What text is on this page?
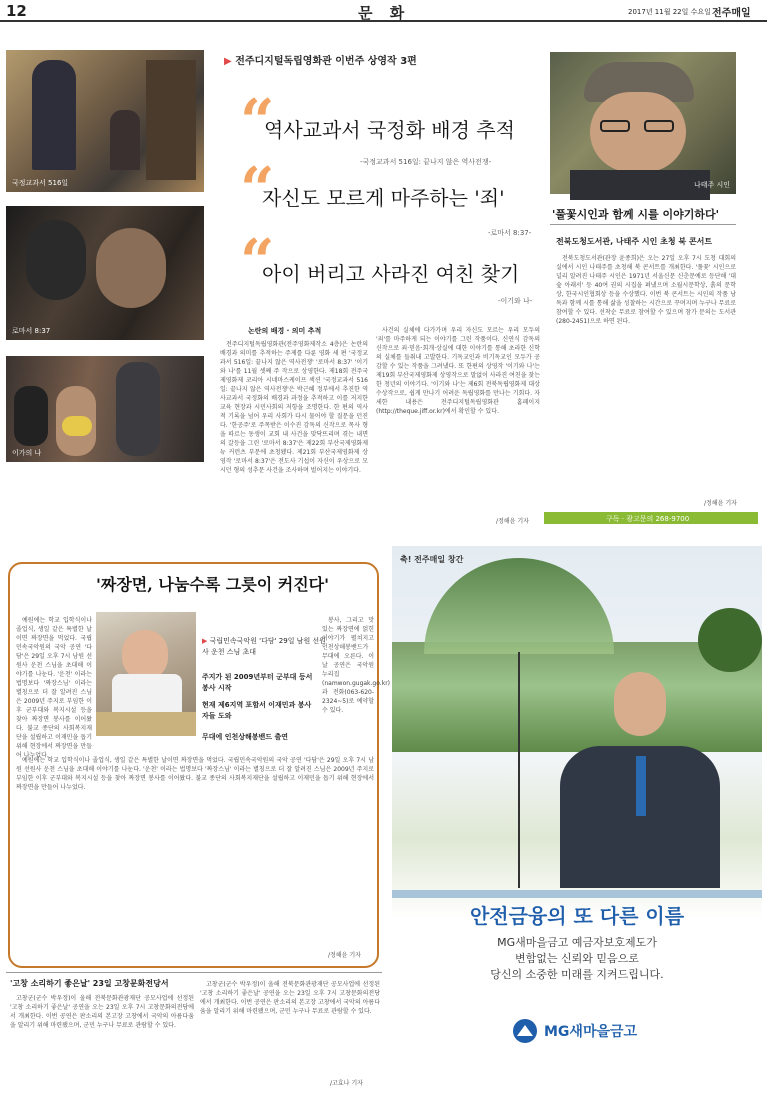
12	문 화	2017년 11월 22일 수요일 전주매일
국정교과서 516일
로마서 8:37
이가의 나
▶ 전주디지털독립영화관 이번주 상영작 3편
“
역사교과서 국정화 배경 추적
-국정교과서 516일: 끝나지 않은 역사전쟁-
“
자신도 모르게 마주하는 '죄'
-로마서 8:37-
“
아이 버리고 사라진 여친 찾기
-이기와 나-
논란의 배경 · 의미 추적

전주디지털독립영화관(전주영화제작소 4층)은 논란의 배경과 의미를 추적하는 주제를 다룬 영화 세 편 '국정교과서 516일: 끝나지 않은 역사전쟁' '로마서 8:37' '이기와 나'를 11월 셋째 주 작으로 상영한다. 제18회 전주국제영화제 코리아 시네마스케이프 섹션 '국정교과서 516일: 끝나지 않은 역사전쟁'은 박근혜 정부에서 추진한 역사교과서 국정화의 배경과 과정을 추적하고 이를 저지한 교육 현장과 시민사회의 저항을 조명한다. 한 편의 역사적 기록을 넘어 우리 사회가 다시 물어야 할 질문을 던진다. '한공주'로 주목받은 이수진 감독의 신작으로 목사 형을 따르는 동생이 교회 내 사건을 맞닥뜨리며 겪는 내면의 갈등을 그린 '로마서 8:37'은 제22회 부산국제영화제 뉴 커런츠 부문에 초청됐다. 제21회 부산국제영화제 상영작 '로마서 8:37'은 전도사 기섭이 자신이 우상으로 모시던 형의 성추문 사건을 조사하며 벌어지는 이야기다.

사건의 실체에 다가가며 우리 자신도 모르는 우리 모두의 '죄'를 마주하게 되는 이야기를 그린 작품이다. 신연식 감독의 신작으로 죄·믿음·회개·상실에 대한 이야기를 통해 초라한 신학의 실체를 들춰내 고발한다. 기독교인과 비기독교인 모두가 공감할 수 있는 작품을 그려냈다. 또 한편의 상영작 '이기와 나'는 제19회 부산국제영화제 상영작으로 말없이 사라진 여친을 찾는 한 청년의 이야기다. '이기와 나'는 제6회 전북독립영화제 대상 수상작으로, 쉽게 만나기 어려운 독립영화를 만나는 기회다. 자세한 내용은 전주디지털독립영화관 홈페이지(http://theque.jiff.or.kr)에서 확인할 수 있다.

/정해윤 기자
나태주 시인
'풀꽃시인과 함께 시를 이야기하다'
전북도청도서관, 나태주 시인 초청 북 콘서트

전북도청도서관(관장 윤종희)은 오는 27일 오후 7시 도청 대회의실에서 시인 나태주를 초청해 북 콘서트를 개최한다. '풀꽃' 시인으로 널리 알려진 나태주 시인은 1971년 서울신문 신춘문예로 등단해 '대숲 아래서' 등 40여 권의 시집을 펴냈으며 소월시문학상, 흙의 문학상, 한국시인협회상 등을 수상했다. 이번 북 콘서트는 시인의 작품 낭독과 함께 시를 통해 삶을 성찰하는 시간으로 꾸며지며 누구나 무료로 참여할 수 있다. 선착순 무료로 참여할 수 있으며 참가 문의는 도서관(280-2451)으로 하면 된다.

/정해윤 기자
구독 · 광고문의 268-9700
'짜장면, 나눔수록 그릇이 커진다'

예원에는 학교 입학식이나 졸업식, 생일 같은 특별한 날이면 짜장면을 먹었다. 국립민속국악원의 국악 공연 '다담'은 29일 오후 7시 남원 선원사 운천 스님을 초대해 이야기를 나눈다. '운천' 이라는 법명보다 '짜장스님' 이라는 별칭으로 더 잘 알려진 스님은 2009년 주지로 부임한 이후 군부대와 복지시설 등을 찾아 짜장면 봉사를 이어왔다. 불교 종단의 사회복지재단을 설립하고 이재민을 돕기 위해 현장에서 짜장면을 만들어 나누었다.

▶ 국립민속국악원 '다담' 29일 남원 선원사 운천 스님 초대
주지가 된 2009년부터 군부대 등서 봉사 시작
현재 제6지역 포함서 이재민과 봉사자들 도와
무대에 인천상해봉밴드 출연

봉사, 그리고 맛있는 짜장면에 얽힌 이야기가 펼쳐지고 인천상해봉밴드가 무대에 오른다. 이날 공연은 국악원 누리집(namwon.gugak.go.kr)과 전화(063-620-2324~5)로 예약할 수 있다.

예원에는 학교 입학식이나 졸업식, 생일 같은 특별한 날이면 짜장면을 먹었다. 국립민속국악원의 국악 공연 '다담'은 29일 오후 7시 남원 선원사 운천 스님을 초대해 이야기를 나눈다. '운천' 이라는 법명보다 '짜장스님' 이라는 별칭으로 더 잘 알려진 스님은 2009년 주지로 부임한 이후 군부대와 복지시설 등을 찾아 짜장면 봉사를 이어왔다. 불교 종단의 사회복지재단을 설립하고 이재민을 돕기 위해 현장에서 짜장면을 만들어 나누었다.

/정해윤 기자
'고창 소리하기 좋은날' 23일 고창문화전당서

고창군(군수 박우정)이 올해 전북문화관광재단 공모사업에 선정된 '고창 소리하기 좋은날' 공연을 오는 23일 오후 7시 고창문화의전당에서 개최한다. 이번 공연은 판소리의 본고장 고창에서 국악의 아름다움을 알리기 위해 마련됐으며, 군민 누구나 무료로 관람할 수 있다.

고창군(군수 박우정)이 올해 전북문화관광재단 공모사업에 선정된 '고창 소리하기 좋은날' 공연을 오는 23일 오후 7시 고창문화의전당에서 개최한다. 이번 공연은 판소리의 본고장 고창에서 국악의 아름다움을 알리기 위해 마련됐으며, 군민 누구나 무료로 관람할 수 있다.

/고효나 기자
축! 전주매일 창간
안전금융의 또 다른 이름
MG새마을금고 예금자보호제도가
변함없는 신뢰와 믿음으로
당신의 소중한 미래를 지켜드립니다.
MG새마을금고
